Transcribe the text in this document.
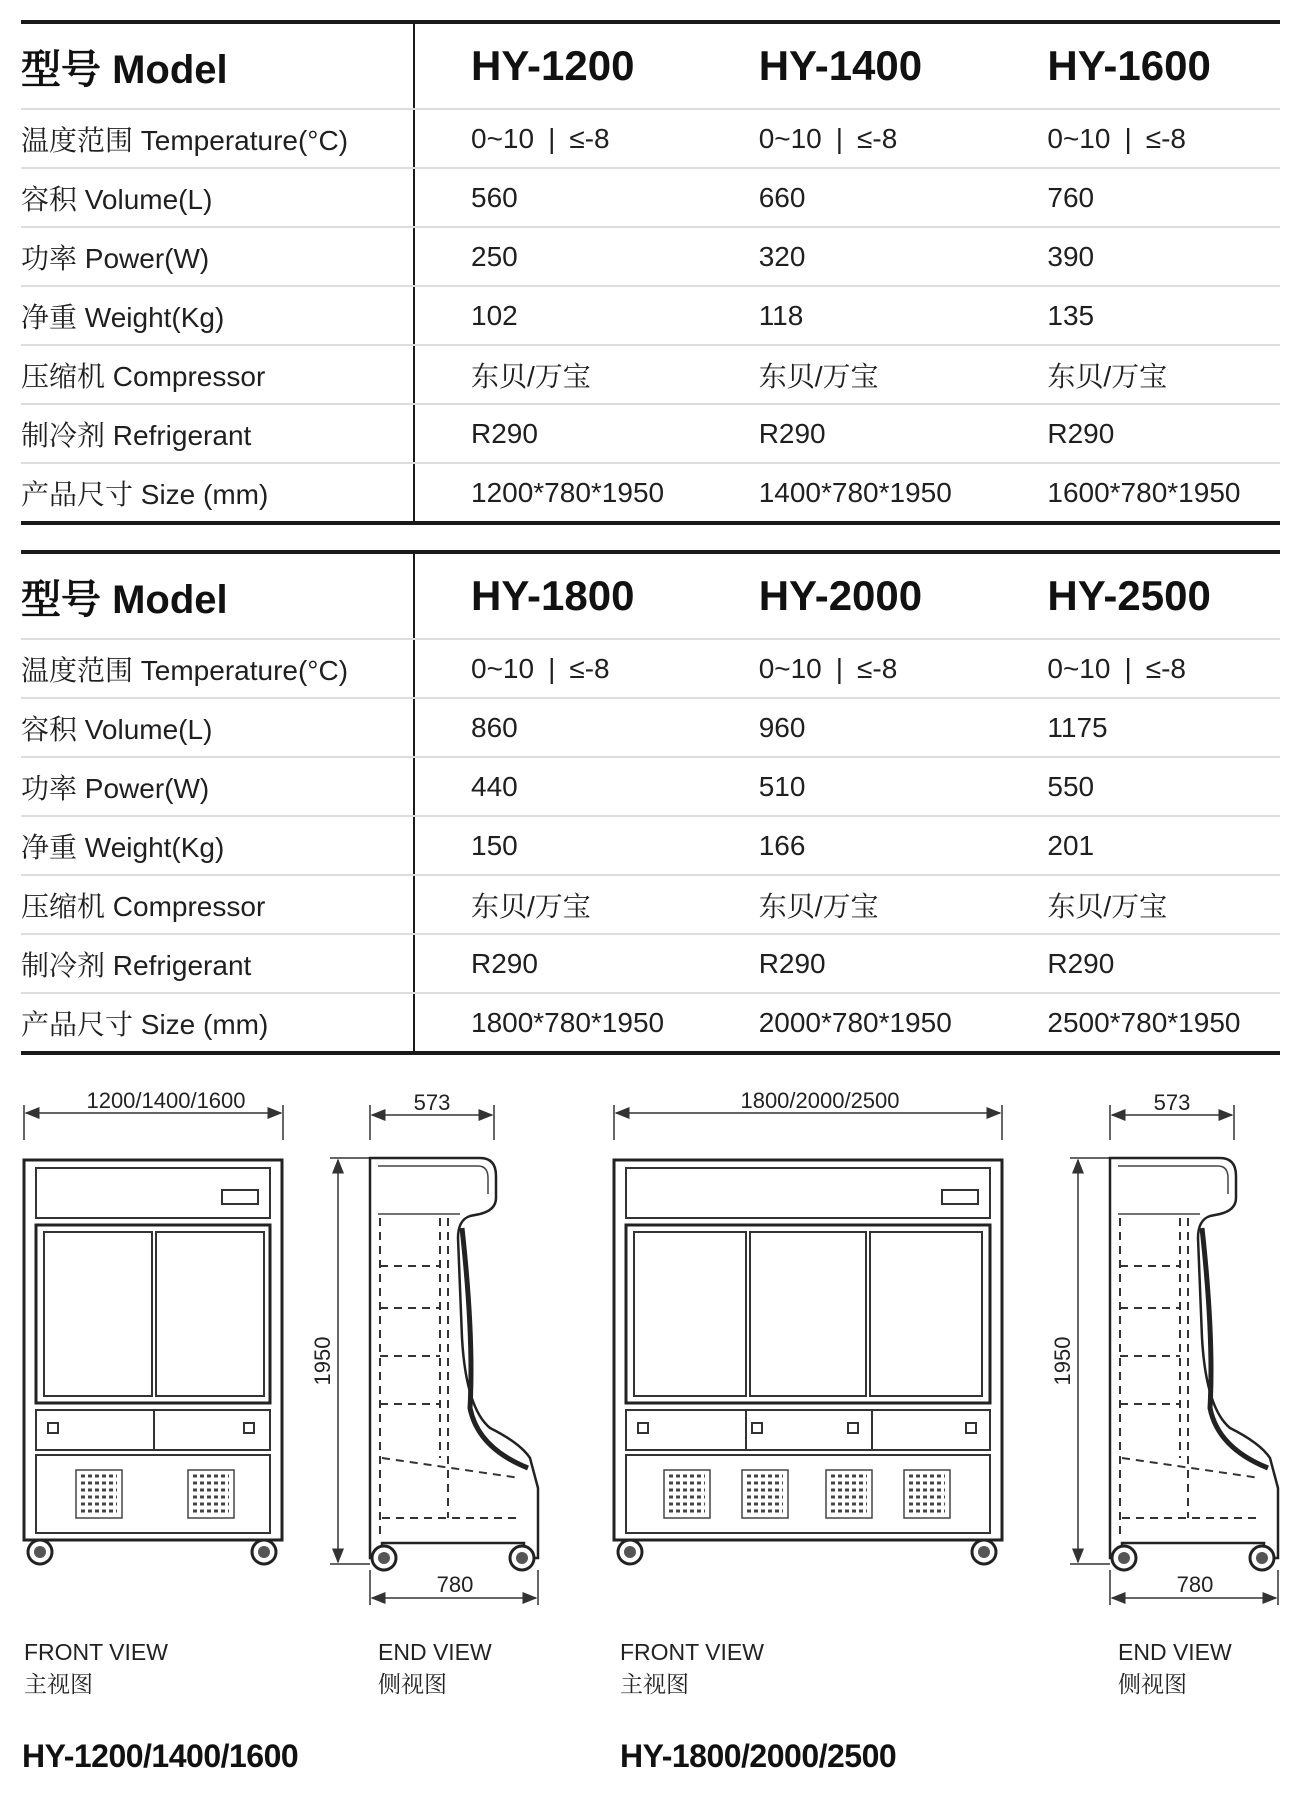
型号 Model	HY-1200	HY-1400	HY-1600
温度范围 Temperature(°C)	0~10 | ≤-8	0~10 | ≤-8	0~10 | ≤-8
容积 Volume(L)	560	660	760
功率 Power(W)	250	320	390
净重 Weight(Kg)	102	118	135
压缩机 Compressor	东贝/万宝	东贝/万宝	东贝/万宝
制冷剂 Refrigerant	R290	R290	R290
产品尺寸 Size (mm)	1200*780*1950	1400*780*1950	1600*780*1950
型号 Model	HY-1800	HY-2000	HY-2500
温度范围 Temperature(°C)	0~10 | ≤-8	0~10 | ≤-8	0~10 | ≤-8
容积 Volume(L)	860	960	1175
功率 Power(W)	440	510	550
净重 Weight(Kg)	150	166	201
压缩机 Compressor	东贝/万宝	东贝/万宝	东贝/万宝
制冷剂 Refrigerant	R290	R290	R290
产品尺寸 Size (mm)	1800*780*1950	2000*780*1950	2500*780*1950
1200/1400/1600
FRONT VIEW
主视图
573
1950
780
END VIEW
侧视图
1800/2000/2500
FRONT VIEW
主视图
573
1950
780
END VIEW
侧视图
HY-1200/1400/1600	HY-1800/2000/2500
